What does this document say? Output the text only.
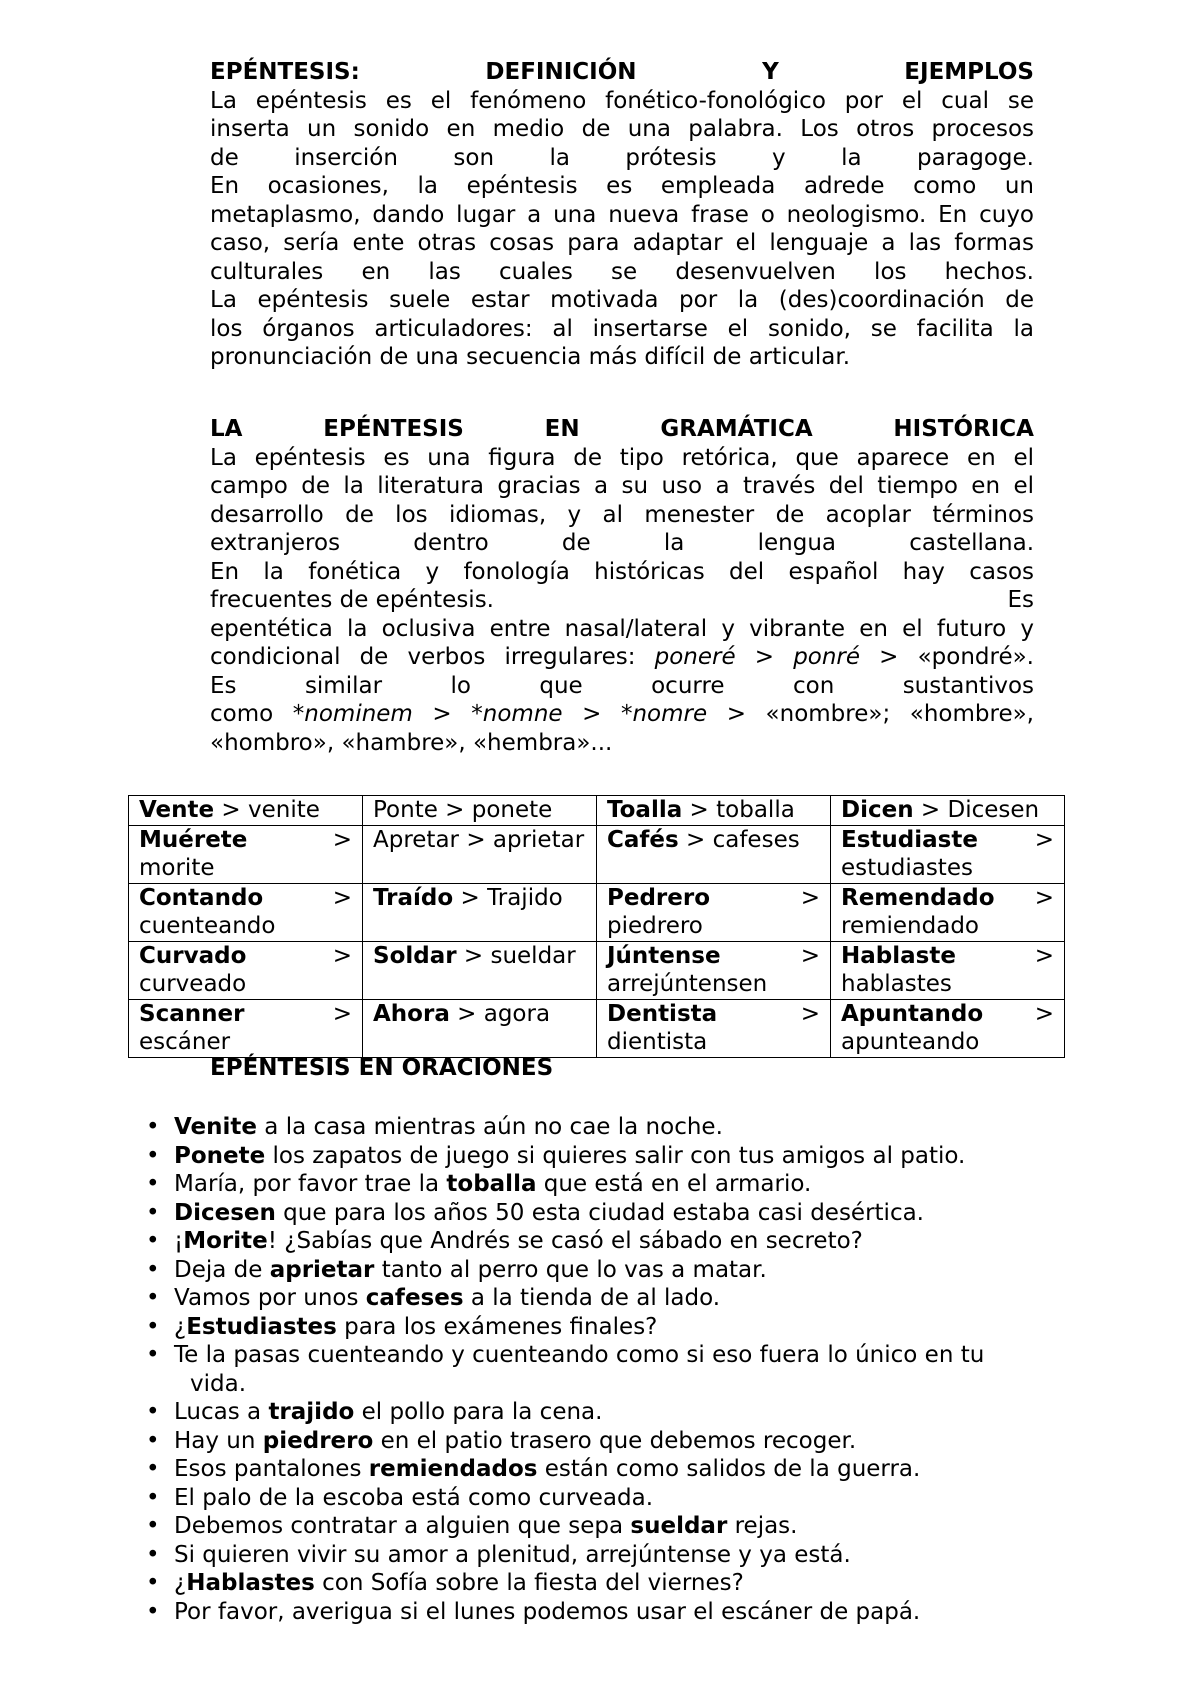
EPÉNTESIS:	DEFINICIÓN	Y	EJEMPLOS
La epéntesis es el fenómeno fonético-fonológico por el cual se
inserta un sonido en medio de una palabra. Los otros procesos
de inserción son la prótesis y la paragoge.
En ocasiones, la epéntesis es empleada adrede como un
metaplasmo, dando lugar a una nueva frase o neologismo. En cuyo
caso, sería ente otras cosas para adaptar el lenguaje a las formas
culturales en las cuales se desenvuelven los hechos.
La epéntesis suele estar motivada por la (des)coordinación de
los órganos articuladores: al insertarse el sonido, se facilita la
pronunciación de una secuencia más difícil de articular.
LA	EPÉNTESIS	EN	GRAMÁTICA	HISTÓRICA
La epéntesis es una figura de tipo retórica, que aparece en el
campo de la literatura gracias a su uso a través del tiempo en el
desarrollo de los idiomas, y al menester de acoplar términos
extranjeros dentro de la lengua castellana.
En la fonética y fonología históricas del español hay casos
frecuentes de epéntesis.	Es
epentética la oclusiva entre nasal/lateral y vibrante en el futuro y
condicional de verbos irregulares: poneré > ponré > «pondré».
Es similar lo que ocurre con sustantivos
como *nominem > *nomne > *nomre > «nombre»; «hombre»,
«hombro», «hambre», «hembra»...
Vente > venite	Ponte > ponete	Toalla > toballa	Dicen > Dicesen
Muérete > morite	Apretar > aprietar	Cafés > cafeses	Estudiaste > estudiastes
Contando > cuenteando	Traído > Trajido	Pedrero > piedrero	Remendado > remiendado
Curvado > curveado	Soldar > sueldar	Júntense > arrejúntensen	Hablaste > hablastes
Scanner > escáner	Ahora > agora	Dentista > dientista	Apuntando > apunteando
EPÉNTESIS EN ORACIONES
• Venite a la casa mientras aún no cae la noche.
• Ponete los zapatos de juego si quieres salir con tus amigos al patio.
• María, por favor trae la toballa que está en el armario.
• Dicesen que para los años 50 esta ciudad estaba casi desértica.
• ¡Morite! ¿Sabías que Andrés se casó el sábado en secreto?
• Deja de aprietar tanto al perro que lo vas a matar.
• Vamos por unos cafeses a la tienda de al lado.
• ¿Estudiastes para los exámenes finales?
• Te la pasas cuenteando y cuenteando como si eso fuera lo único en tu
vida.
• Lucas a trajido el pollo para la cena.
• Hay un piedrero en el patio trasero que debemos recoger.
• Esos pantalones remiendados están como salidos de la guerra.
• El palo de la escoba está como curveada.
• Debemos contratar a alguien que sepa sueldar rejas.
• Si quieren vivir su amor a plenitud, arrejúntense y ya está.
• ¿Hablastes con Sofía sobre la fiesta del viernes?
• Por favor, averigua si el lunes podemos usar el escáner de papá.
